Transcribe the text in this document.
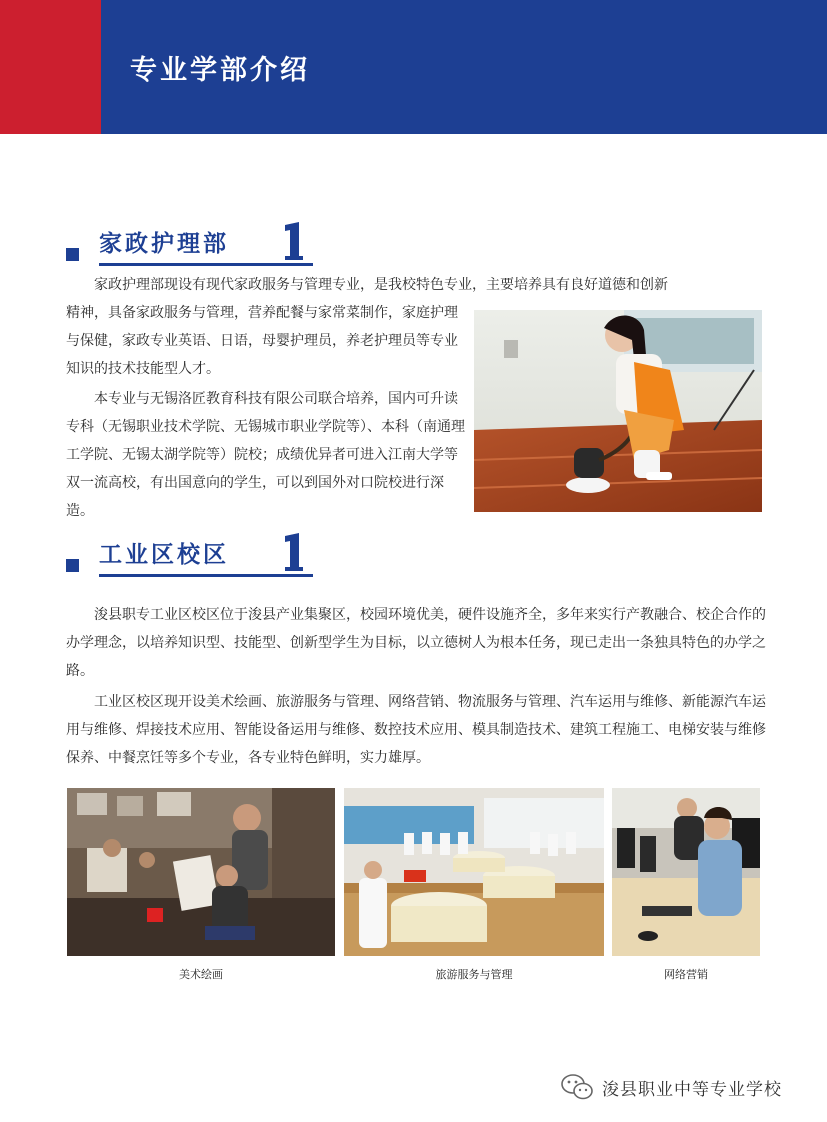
专业学部介绍
家政护理部

家政护理部现设有现代家政服务与管理专业，是我校特色专业，主要培养具有良好道德和创新

精神，具备家政服务与管理，营养配餐与家常菜制作，家庭护理与保健，家政专业英语、日语，母婴护理员，养老护理员等专业知识的技术技能型人才。

本专业与无锡洛匠教育科技有限公司联合培养，国内可升读专科（无锡职业技术学院、无锡城市职业学院等）、本科（南通理工学院、无锡太湖学院等）院校；成绩优异者可进入江南大学等双一流高校，有出国意向的学生，可以到国外对口院校进行深造。

工业区校区

浚县职专工业区校区位于浚县产业集聚区，校园环境优美，硬件设施齐全，多年来实行产教融合、校企合作的办学理念，以培养知识型、技能型、创新型学生为目标，以立德树人为根本任务，现已走出一条独具特色的办学之路。

工业区校区现开设美术绘画、旅游服务与管理、网络营销、物流服务与管理、汽车运用与维修、新能源汽车运用与维修、焊接技术应用、智能设备运用与维修、数控技术应用、模具制造技术、建筑工程施工、电梯安装与维修保养、中餐烹饪等多个专业，各专业特色鲜明，实力雄厚。

美术绘画	旅游服务与管理	网络营销
浚县职业中等专业学校
